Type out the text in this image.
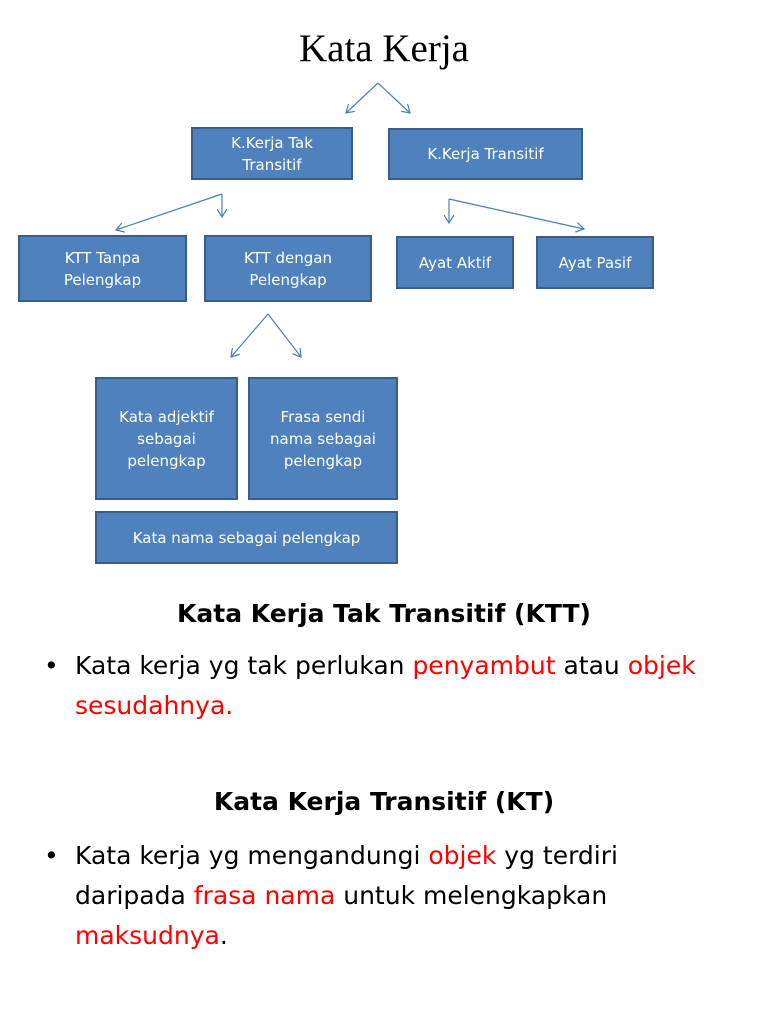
Kata Kerja
K.Kerja Tak
Transitif
K.Kerja Transitif
KTT Tanpa
Pelengkap
KTT dengan
Pelengkap
Ayat Aktif	Ayat Pasif
Kata adjektif
sebagai
pelengkap
Frasa sendi
nama sebagai
pelengkap
Kata nama sebagai pelengkap
Kata Kerja Tak Transitif (KTT)
• Kata kerja yg tak perlukan penyambut atau objek sesudahnya.
Kata Kerja Transitif (KT)
• Kata kerja yg mengandungi objek yg terdiri daripada frasa nama untuk melengkapkan maksudnya.
